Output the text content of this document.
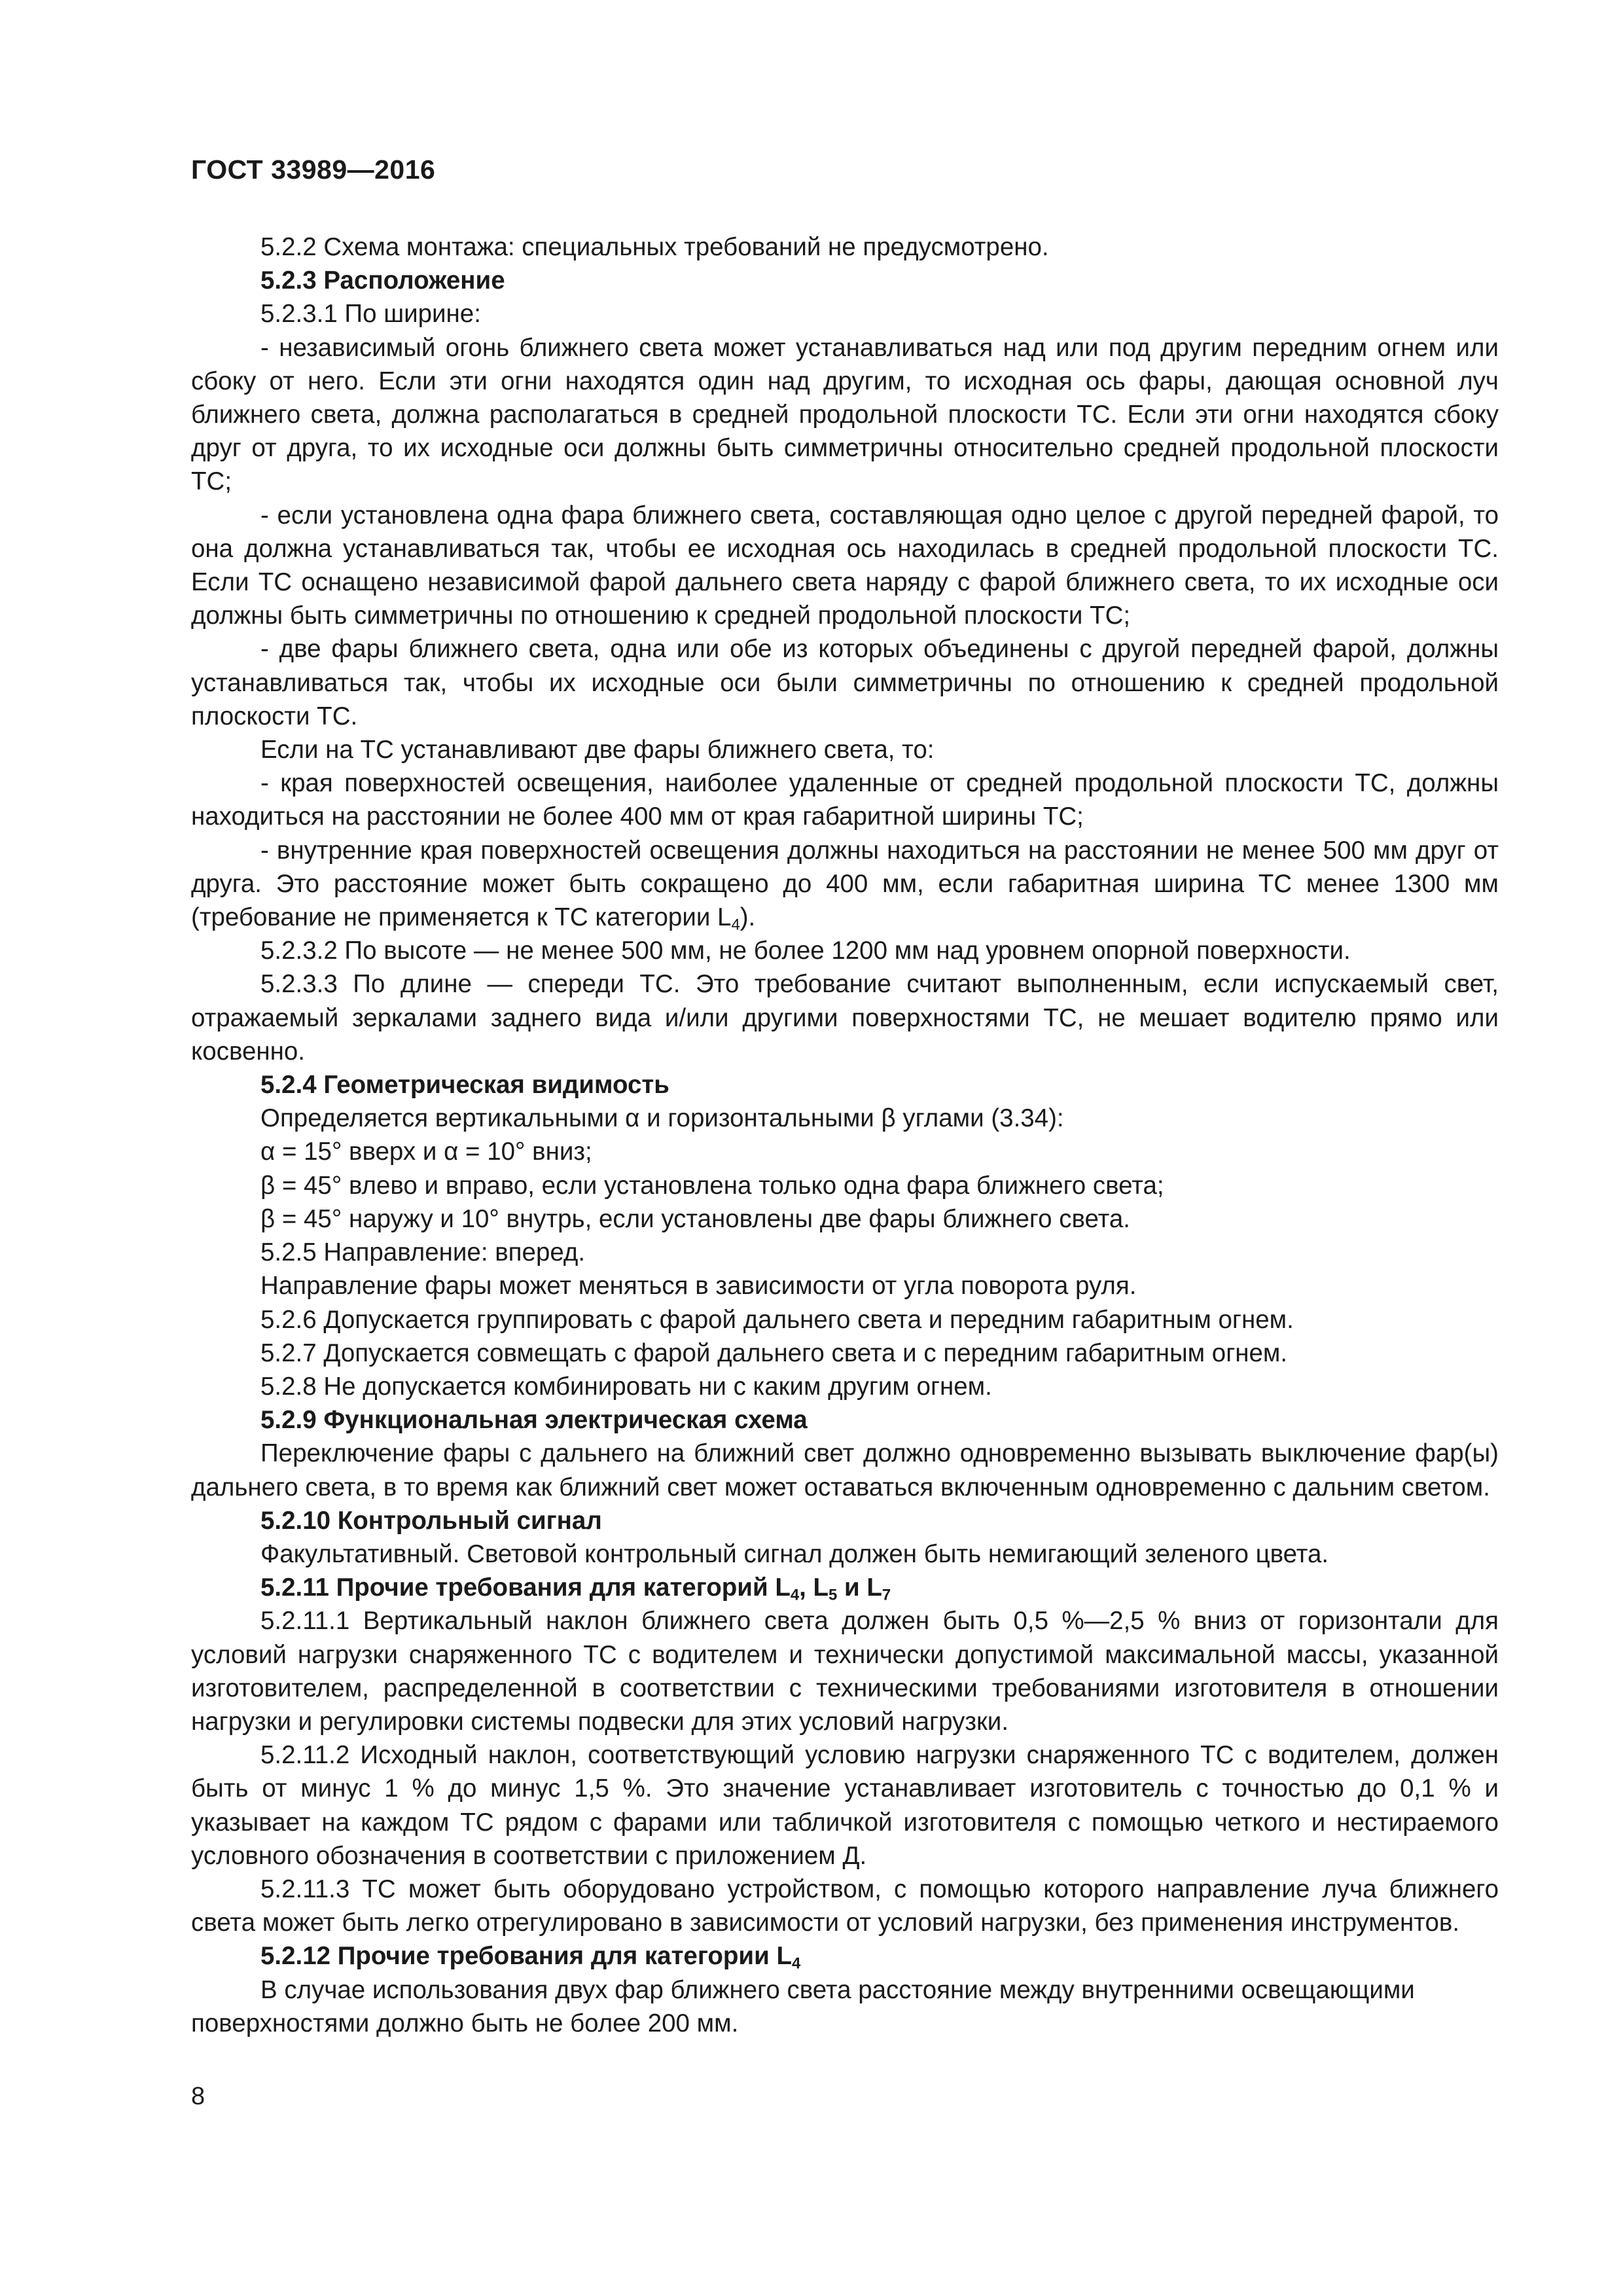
ГОСТ 33989—2016

5.2.2 Схема монтажа: специальных требований не предусмотрено.

5.2.3 Расположение

5.2.3.1 По ширине:

- независимый огонь ближнего света может устанавливаться над или под другим передним огнем или сбоку от него. Если эти огни находятся один над другим, то исходная ось фары, дающая основной луч ближнего света, должна располагаться в средней продольной плоскости ТС. Если эти огни находятся сбоку друг от друга, то их исходные оси должны быть симметричны относительно средней продольной плоскости ТС;

- если установлена одна фара ближнего света, составляющая одно целое с другой передней фарой, то она должна устанавливаться так, чтобы ее исходная ось находилась в средней продольной плоскости ТС. Если ТС оснащено независимой фарой дальнего света наряду с фарой ближнего света, то их исходные оси должны быть симметричны по отношению к средней продольной плоскости ТС;

- две фары ближнего света, одна или обе из которых объединены с другой передней фарой, должны устанавливаться так, чтобы их исходные оси были симметричны по отношению к средней продольной плоскости ТС.

Если на ТС устанавливают две фары ближнего света, то:

- края поверхностей освещения, наиболее удаленные от средней продольной плоскости ТС, должны находиться на расстоянии не более 400 мм от края габаритной ширины ТС;

- внутренние края поверхностей освещения должны находиться на расстоянии не менее 500 мм друг от друга. Это расстояние может быть сокращено до 400 мм, если габаритная ширина ТС менее 1300 мм (требование не применяется к ТС категории $L_4$).

5.2.3.2 По высоте — не менее 500 мм, не более 1200 мм над уровнем опорной поверхности.

5.2.3.3 По длине — спереди ТС. Это требование считают выполненным, если испускаемый свет, отражаемый зеркалами заднего вида и/или другими поверхностями ТС, не мешает водителю прямо или косвенно.

5.2.4 Геометрическая видимость

Определяется вертикальными α и горизонтальными β углами (3.34):

α = 15° вверх и α = 10° вниз;

β = 45° влево и вправо, если установлена только одна фара ближнего света;

β = 45° наружу и 10° внутрь, если установлены две фары ближнего света.

5.2.5 Направление: вперед.

Направление фары может меняться в зависимости от угла поворота руля.

5.2.6 Допускается группировать с фарой дальнего света и передним габаритным огнем.

5.2.7 Допускается совмещать с фарой дальнего света и с передним габаритным огнем.

5.2.8 Не допускается комбинировать ни с каким другим огнем.

5.2.9 Функциональная электрическая схема

Переключение фары с дальнего на ближний свет должно одновременно вызывать выключение фар(ы) дальнего света, в то время как ближний свет может оставаться включенным одновременно с дальним светом.

5.2.10 Контрольный сигнал

Факультативный. Световой контрольный сигнал должен быть немигающий зеленого цвета.

5.2.11 Прочие требования для категорий $L_4$, $L_5$ и $L_7$

5.2.11.1 Вертикальный наклон ближнего света должен быть 0,5 %—2,5 % вниз от горизонтали для условий нагрузки снаряженного ТС с водителем и технически допустимой максимальной массы, указанной изготовителем, распределенной в соответствии с техническими требованиями изготовителя в отношении нагрузки и регулировки системы подвески для этих условий нагрузки.

5.2.11.2 Исходный наклон, соответствующий условию нагрузки снаряженного ТС с водителем, должен быть от минус 1 % до минус 1,5 %. Это значение устанавливает изготовитель с точностью до 0,1 % и указывает на каждом ТС рядом с фарами или табличкой изготовителя с помощью четкого и нестираемого условного обозначения в соответствии с приложением Д.

5.2.11.3 ТС может быть оборудовано устройством, с помощью которого направление луча ближнего света может быть легко отрегулировано в зависимости от условий нагрузки, без применения инструментов.

5.2.12 Прочие требования для категории $L_4$

В случае использования двух фар ближнего света расстояние между внутренними освещающими поверхностями должно быть не более 200 мм.

8
